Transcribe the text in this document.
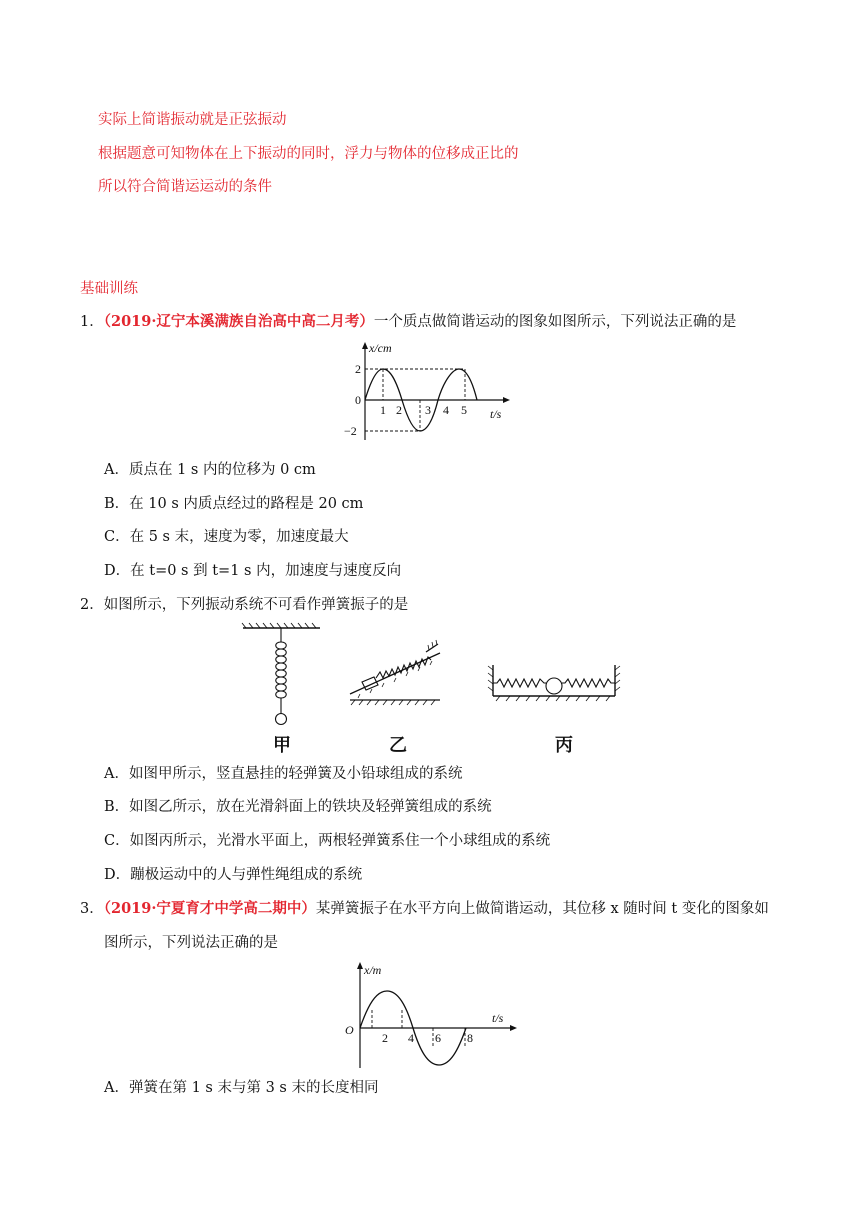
实际上简谐振动就是正弦振动
根据题意可知物体在上下振动的同时，浮力与物体的位移成正比的
所以符合简谐运运动的条件
基础训练
1．（2019·辽宁本溪满族自治高中高二月考）一个质点做简谐运动的图象如图所示，下列说法正确的是
x/cm
2
0
−2
1 2 3 4 5 t/s
A．质点在 1 s 内的位移为 0 cm
B．在 10 s 内质点经过的路程是 20 cm
C．在 5 s 末，速度为零，加速度最大
D．在 t=0 s 到 t=1 s 内，加速度与速度反向
2．如图所示，下列振动系统不可看作弹簧振子的是
甲	乙	丙
A．如图甲所示，竖直悬挂的轻弹簧及小铅球组成的系统
B．如图乙所示，放在光滑斜面上的铁块及轻弹簧组成的系统
C．如图丙所示，光滑水平面上，两根轻弹簧系住一个小球组成的系统
D．蹦极运动中的人与弹性绳组成的系统
3．（2019·宁夏育才中学高二期中）某弹簧振子在水平方向上做简谐运动，其位移 x 随时间 t 变化的图象如
图所示，下列说法正确的是
x/m
O
2 4 6 8
t/s
A．弹簧在第 1 s 末与第 3 s 末的长度相同
